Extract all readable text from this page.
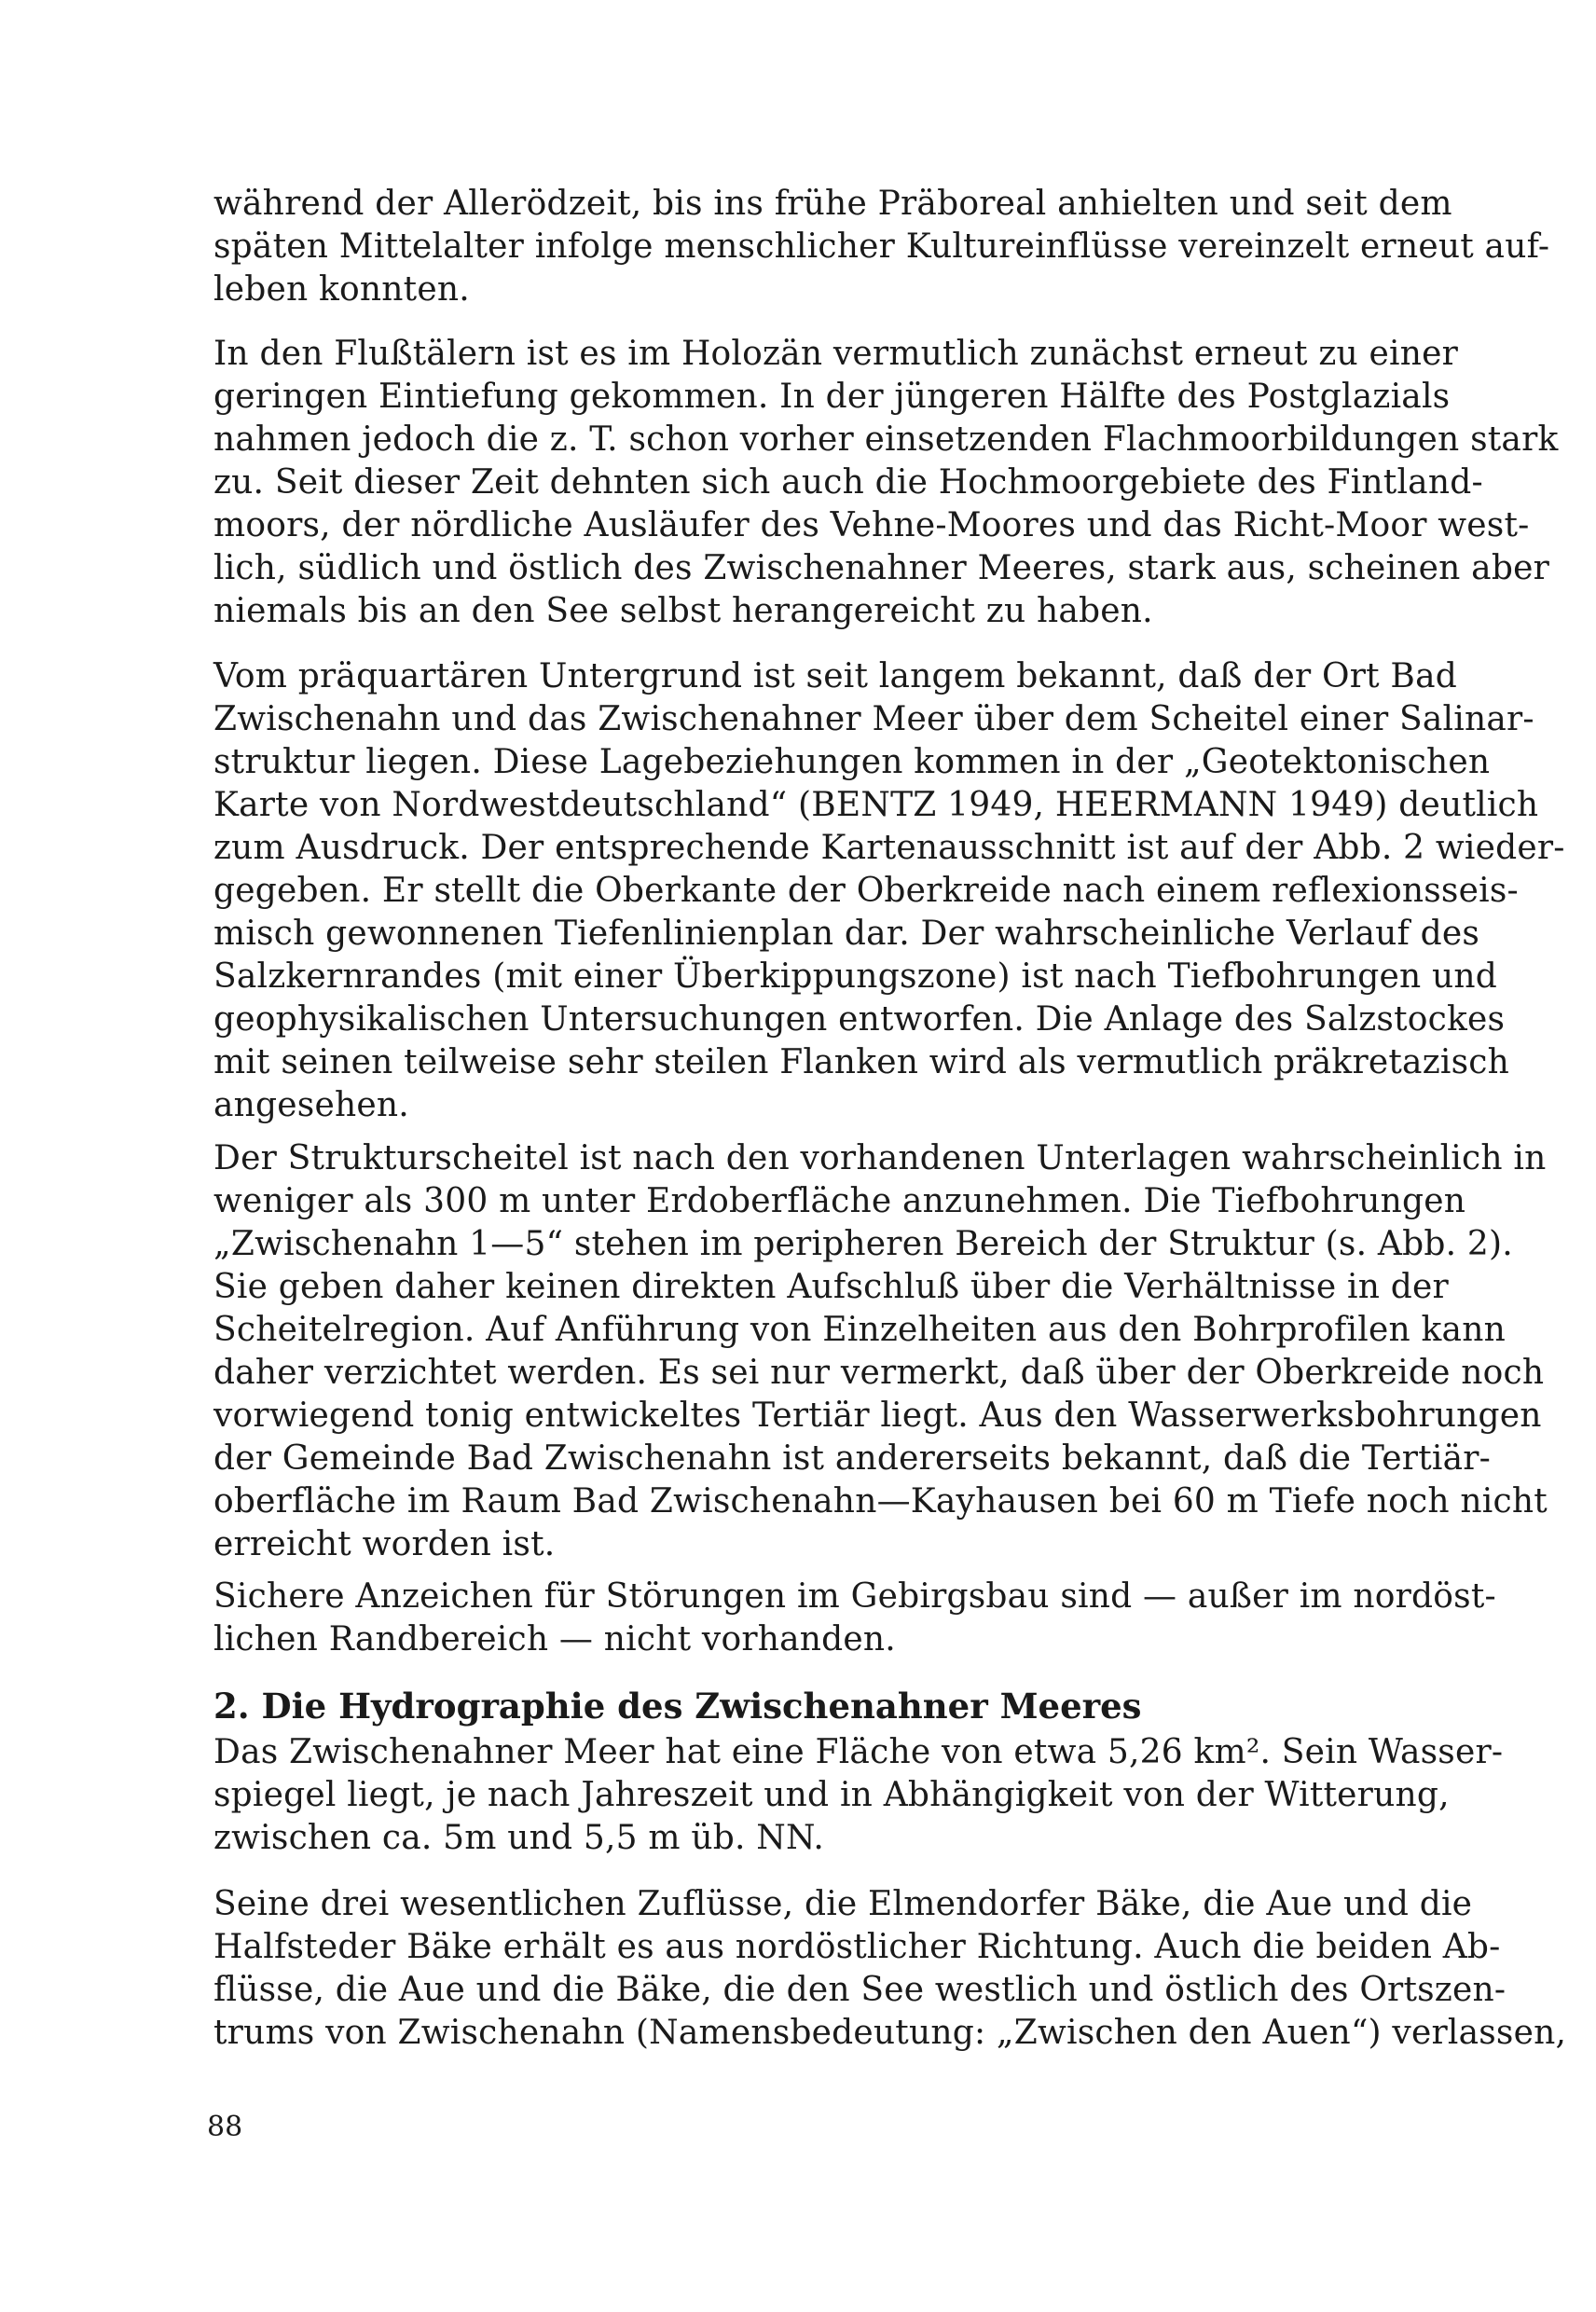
während der Allerödzeit, bis ins frühe Präboreal anhielten und seit dem
späten Mittelalter infolge menschlicher Kultureinflüsse vereinzelt erneut auf-
leben konnten.

In den Flußtälern ist es im Holozän vermutlich zunächst erneut zu einer
geringen Eintiefung gekommen. In der jüngeren Hälfte des Postglazials
nahmen jedoch die z. T. schon vorher einsetzenden Flachmoorbildungen stark
zu. Seit dieser Zeit dehnten sich auch die Hochmoorgebiete des Fintland-
moors, der nördliche Ausläufer des Vehne-Moores und das Richt-Moor west-
lich, südlich und östlich des Zwischenahner Meeres, stark aus, scheinen aber
niemals bis an den See selbst herangereicht zu haben.

Vom präquartären Untergrund ist seit langem bekannt, daß der Ort Bad
Zwischenahn und das Zwischenahner Meer über dem Scheitel einer Salinar-
struktur liegen. Diese Lagebeziehungen kommen in der „Geotektonischen
Karte von Nordwestdeutschland“ (BENTZ 1949, HEERMANN 1949) deutlich
zum Ausdruck. Der entsprechende Kartenausschnitt ist auf der Abb. 2 wieder-
gegeben. Er stellt die Oberkante der Oberkreide nach einem reflexionsseis-
misch gewonnenen Tiefenlinienplan dar. Der wahrscheinliche Verlauf des
Salzkernrandes (mit einer Überkippungszone) ist nach Tiefbohrungen und
geophysikalischen Untersuchungen entworfen. Die Anlage des Salzstockes
mit seinen teilweise sehr steilen Flanken wird als vermutlich präkretazisch
angesehen.

Der Strukturscheitel ist nach den vorhandenen Unterlagen wahrscheinlich in
weniger als 300 m unter Erdoberfläche anzunehmen. Die Tiefbohrungen
„Zwischenahn 1—5“ stehen im peripheren Bereich der Struktur (s. Abb. 2).
Sie geben daher keinen direkten Aufschluß über die Verhältnisse in der
Scheitelregion. Auf Anführung von Einzelheiten aus den Bohrprofilen kann
daher verzichtet werden. Es sei nur vermerkt, daß über der Oberkreide noch
vorwiegend tonig entwickeltes Tertiär liegt. Aus den Wasserwerksbohrungen
der Gemeinde Bad Zwischenahn ist andererseits bekannt, daß die Tertiär-
oberfläche im Raum Bad Zwischenahn—Kayhausen bei 60 m Tiefe noch nicht
erreicht worden ist.

Sichere Anzeichen für Störungen im Gebirgsbau sind — außer im nordöst-
lichen Randbereich — nicht vorhanden.

2. Die Hydrographie des Zwischenahner Meeres

Das Zwischenahner Meer hat eine Fläche von etwa 5,26 km². Sein Wasser-
spiegel liegt, je nach Jahreszeit und in Abhängigkeit von der Witterung,
zwischen ca. 5m und 5,5 m üb. NN.

Seine drei wesentlichen Zuflüsse, die Elmendorfer Bäke, die Aue und die
Halfsteder Bäke erhält es aus nordöstlicher Richtung. Auch die beiden Ab-
flüsse, die Aue und die Bäke, die den See westlich und östlich des Ortszen-
trums von Zwischenahn (Namensbedeutung: „Zwischen den Auen“) verlassen,

88
